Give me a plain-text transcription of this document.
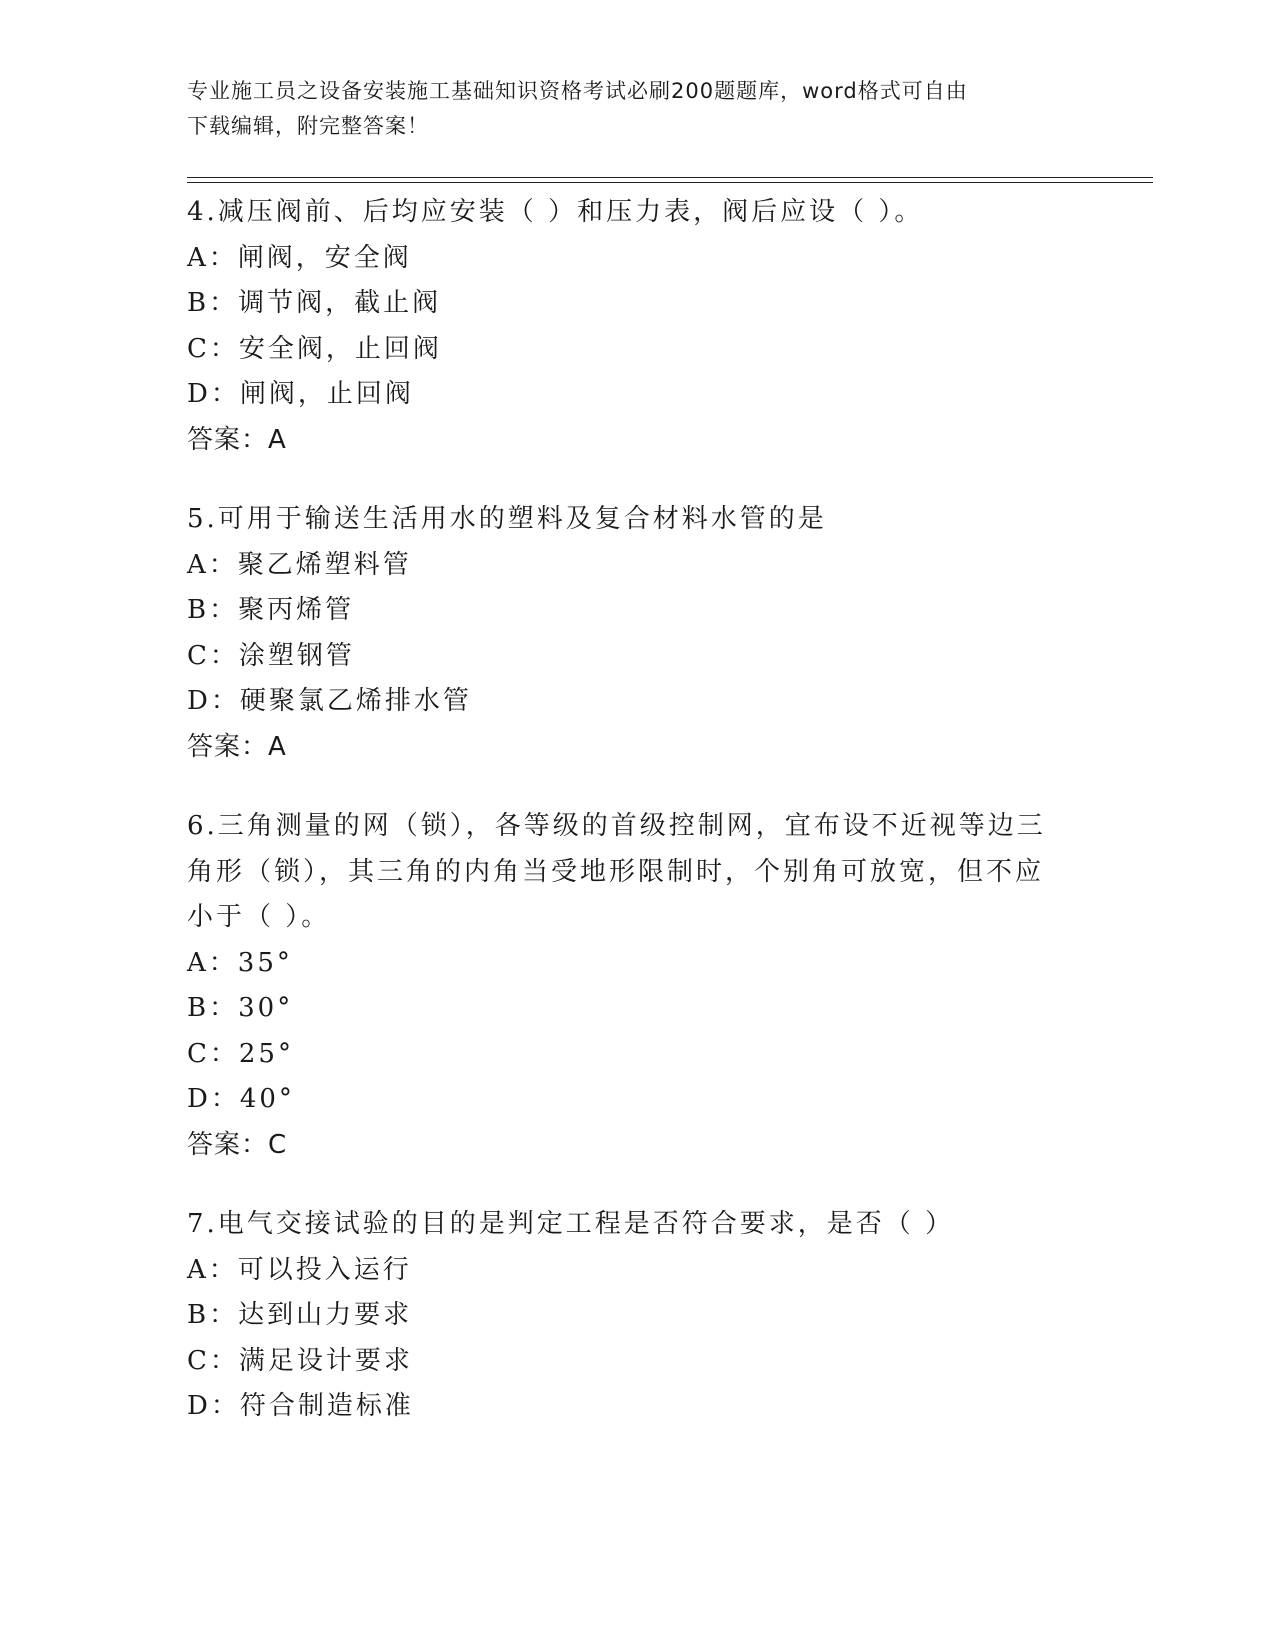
专业施工员之设备安装施工基础知识资格考试必刷200题题库，word格式可自由
下载编辑，附完整答案！

4.减压阀前、后均应安装（ ）和压力表，阀后应设（ ）。

A：闸阀，安全阀

B：调节阀，截止阀

C：安全阀，止回阀

D：闸阀，止回阀

答案：A

5.可用于输送生活用水的塑料及复合材料水管的是

A：聚乙烯塑料管

B：聚丙烯管

C：涂塑钢管

D：硬聚氯乙烯排水管

答案：A

6.三角测量的网（锁），各等级的首级控制网，宜布设不近视等边三

角形（锁），其三角的内角当受地形限制时，个别角可放宽，但不应

小于（ ）。

A：35°

B：30°

C：25°

D：40°

答案：C

7.电气交接试验的目的是判定工程是否符合要求，是否（ ）

A：可以投入运行

B：达到山力要求

C：满足设计要求

D：符合制造标准
